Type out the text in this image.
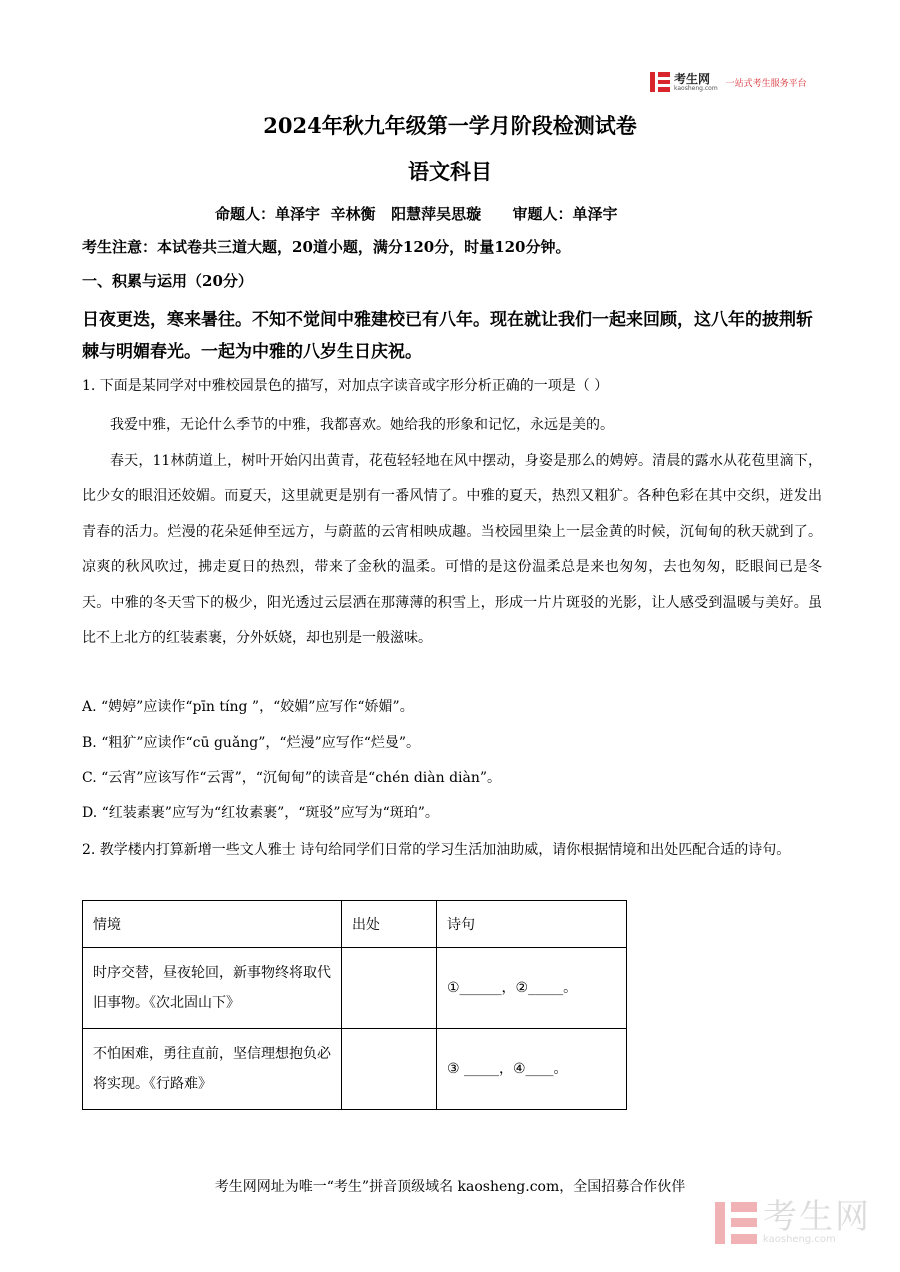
考生网
kaosheng.com 一站式考生服务平台
2024年秋九年级第一学月阶段检测试卷
语文科目
命题人：单泽宇  辛林衡   阳慧萍吴思璇      审题人：单泽宇
考生注意：本试卷共三道大题，20道小题，满分120分，时量120分钟。
一、积累与运用（20分）
日夜更迭，寒来暑往。不知不觉间中雅建校已有八年。现在就让我们一起来回顾，这八年的披荆斩棘与明媚春光。一起为中雅的八岁生日庆祝。
1. 下面是某同学对中雅校园景色的描写，对加点字读音或字形分析正确的一项是（ ）

我爱中雅，无论什么季节的中雅，我都喜欢。她给我的形象和记忆，永远是美的。

春天，11林荫道上，树叶开始闪出黄青，花苞轻轻地在风中摆动，身姿是那么的娉婷。清晨的露水从花苞里滴下，比少女的眼泪还姣媚。而夏天，这里就更是别有一番风情了。中雅的夏天，热烈又粗犷。各种色彩在其中交织，迸发出青春的活力。烂漫的花朵延伸至远方，与蔚蓝的云宵相映成趣。当校园里染上一层金黄的时候，沉甸甸的秋天就到了。凉爽的秋风吹过，拂走夏日的热烈，带来了金秋的温柔。可惜的是这份温柔总是来也匆匆，去也匆匆，眨眼间已是冬天。中雅的冬天雪下的极少，阳光透过云层洒在那薄薄的积雪上，形成一片片斑驳的光影，让人感受到温暖与美好。虽比不上北方的红装素裹，分外妖娆，却也别是一般滋味。

A. “娉婷”应读作“pīn tíng ”，“姣媚”应写作“娇媚”。
B. “粗犷”应读作“cū guǎng”，“烂漫”应写作“烂曼”。
C. “云宵”应该写作“云霄”，“沉甸甸”的读音是“chén diàn diàn”。
D. “红装素裹”应写为“红妆素裹”，“斑驳”应写为“斑珀”。
2. 教学楼内打算新增一些文人雅士 诗句给同学们日常的学习生活加油助威，请你根据情境和出处匹配合适的诗句。
情境	出处	诗句
时序交替，昼夜轮回，新事物终将取代旧事物。《次北固山下》		①______，②_____。
不怕困难，勇往直前，坚信理想抱负必将实现。《行路难》		③ _____，④____。
考生网网址为唯一“考生”拼音顶级域名 kaosheng.com，全国招募合作伙伴
考生网
kaosheng.com
